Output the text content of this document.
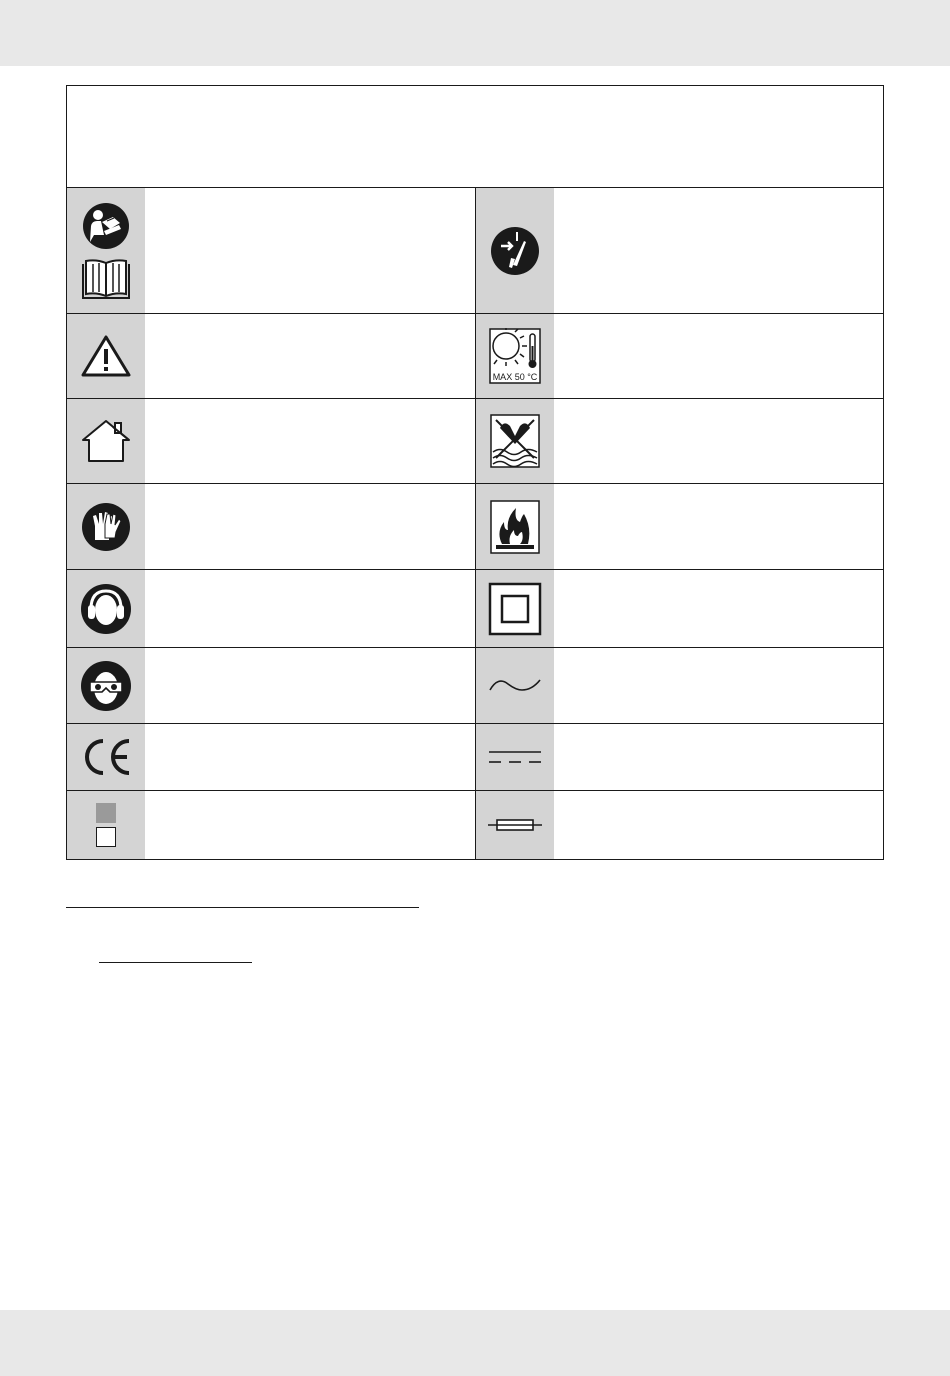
MAX 50 °C
